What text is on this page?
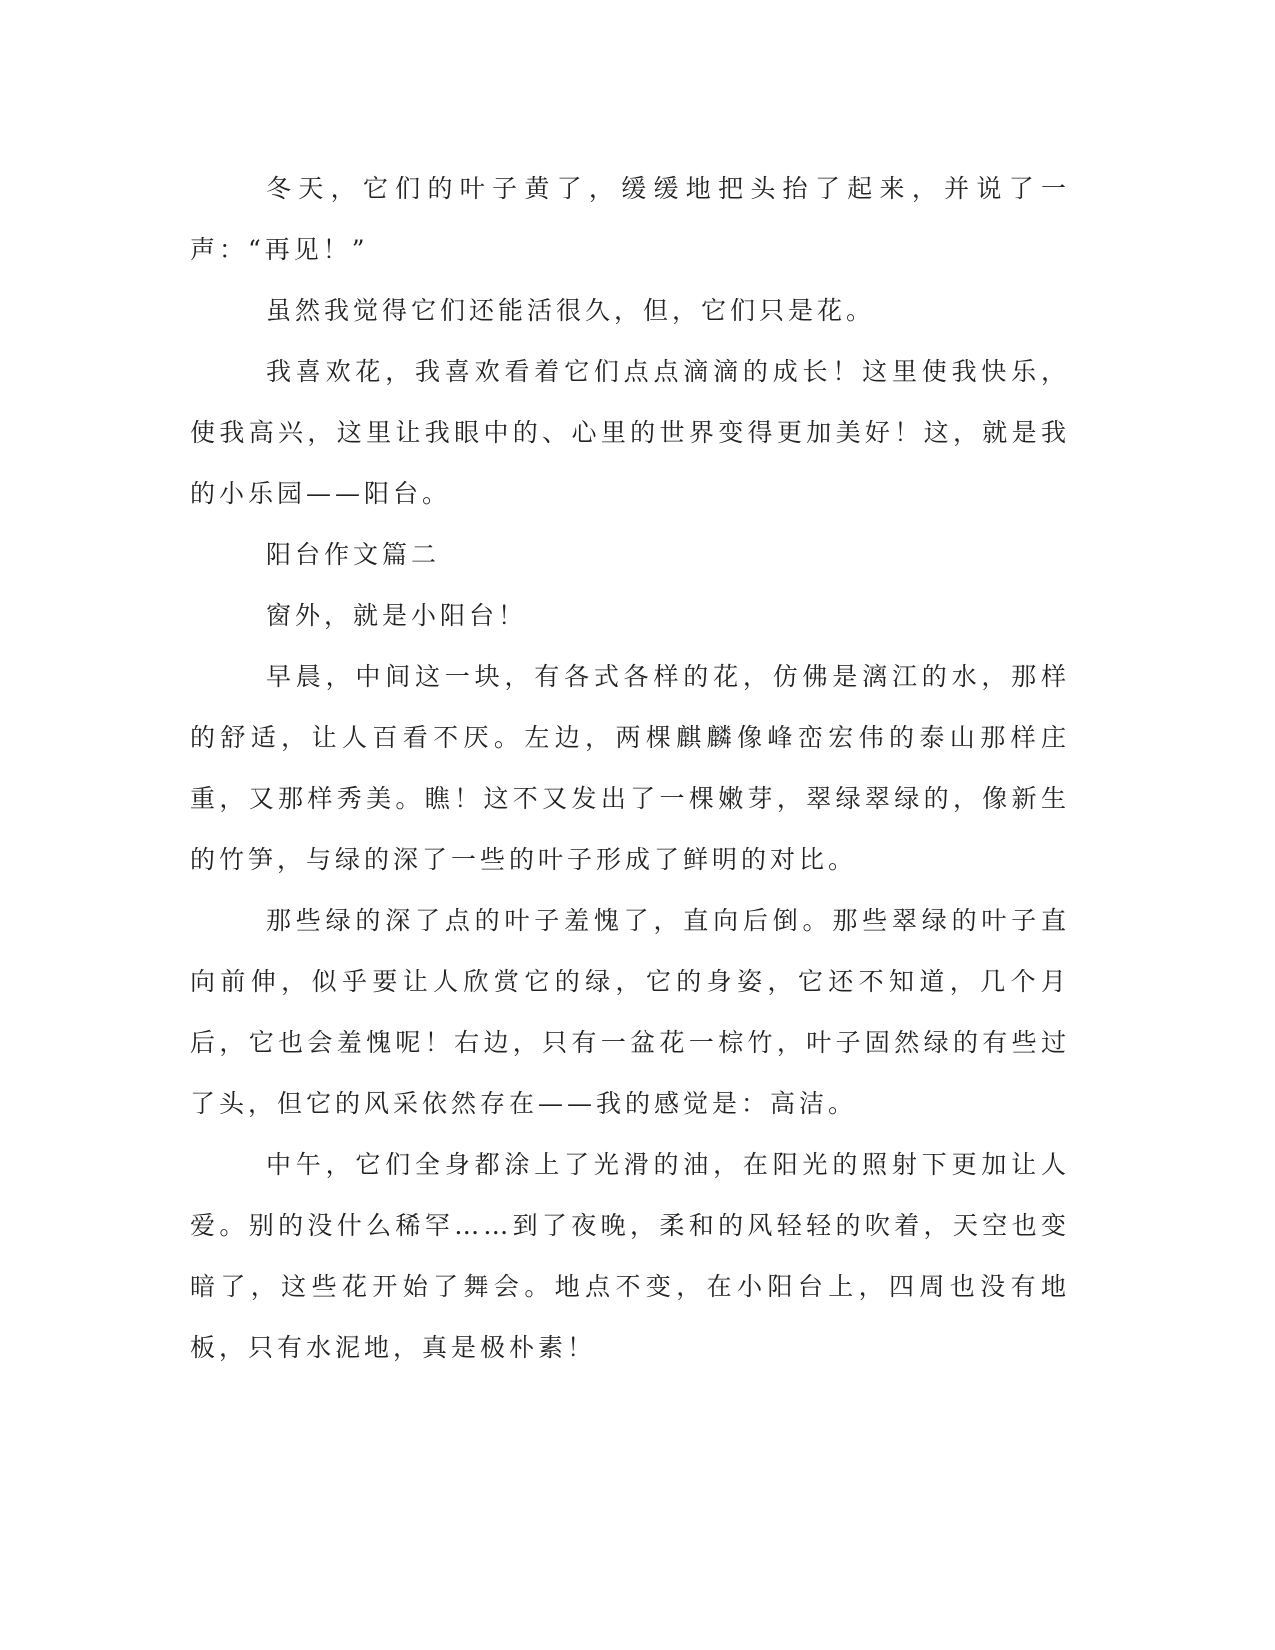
冬天，它们的叶子黄了，缓缓地把头抬了起来，并说了一声：“再见！”

虽然我觉得它们还能活很久，但，它们只是花。

我喜欢花，我喜欢看着它们点点滴滴的成长！这里使我快乐，使我高兴，这里让我眼中的、心里的世界变得更加美好！这，就是我的小乐园——阳台。

阳台作文篇二

窗外，就是小阳台！

早晨，中间这一块，有各式各样的花，仿佛是漓江的水，那样的舒适，让人百看不厌。左边，两棵麒麟像峰峦宏伟的泰山那样庄重，又那样秀美。瞧！这不又发出了一棵嫩芽，翠绿翠绿的，像新生的竹笋，与绿的深了一些的叶子形成了鲜明的对比。

那些绿的深了点的叶子羞愧了，直向后倒。那些翠绿的叶子直向前伸，似乎要让人欣赏它的绿，它的身姿，它还不知道，几个月后，它也会羞愧呢！右边，只有一盆花一棕竹，叶子固然绿的有些过了头，但它的风采依然存在——我的感觉是：高洁。

中午，它们全身都涂上了光滑的油，在阳光的照射下更加让人爱。别的没什么稀罕……到了夜晚，柔和的风轻轻的吹着，天空也变暗了，这些花开始了舞会。地点不变，在小阳台上，四周也没有地板，只有水泥地，真是极朴素！
